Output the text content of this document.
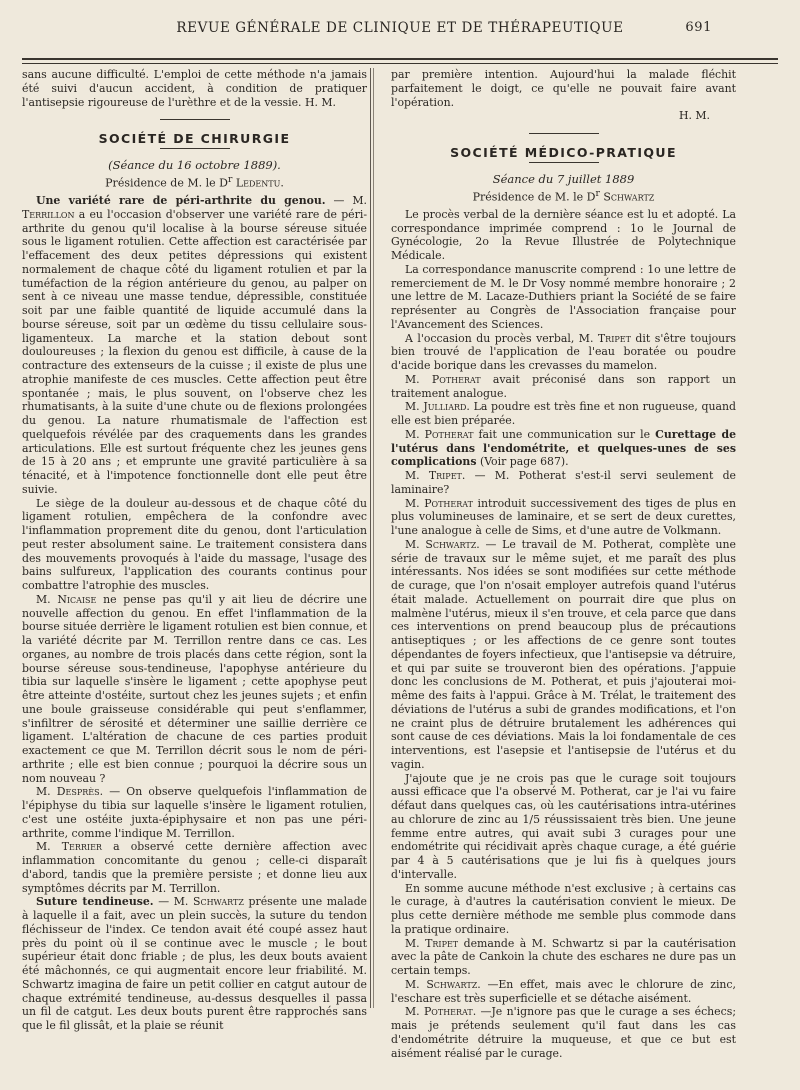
REVUE GÉNÉRALE DE CLINIQUE ET DE THÉRAPEUTIQUE	691

sans aucune difficulté. L'emploi de cette méthode n'a jamais été suivi d'aucun accident, à condition de pratiquer l'antisepsie rigoureuse de l'urèthre et de la vessie. H. M.

SOCIÉTÉ DE CHIRURGIE
(Séance du 16 octobre 1889).
Présidence de M. le $D^r$ Ledentu.

Une variété rare de péri-arthrite du genou. — M. Terrillon a eu l'occasion d'observer une variété rare de péri-arthrite du genou qu'il localise à la bourse séreuse située sous le ligament rotulien. Cette affection est caractérisée par l'effacement des deux petites dépressions qui existent normalement de chaque côté du ligament rotulien et par la tuméfaction de la région antérieure du genou, au palper on sent à ce niveau une masse tendue, dépressible, constituée soit par une faible quantité de liquide accumulé dans la bourse séreuse, soit par un œdème du tissu cellulaire sous-ligamenteux. La marche et la station debout sont douloureuses ; la flexion du genou est difficile, à cause de la contracture des extenseurs de la cuisse ; il existe de plus une atrophie manifeste de ces muscles. Cette affection peut être spontanée ; mais, le plus souvent, on l'observe chez les rhumatisants, à la suite d'une chute ou de flexions prolongées du genou. La nature rhumatismale de l'affection est quelquefois révélée par des craquements dans les grandes articulations. Elle est surtout fréquente chez les jeunes gens de 15 à 20 ans ; et emprunte une gravité particulière à sa ténacité, et à l'impotence fonctionnelle dont elle peut être suivie.

Le siège de la douleur au-dessous et de chaque côté du ligament rotulien, empêchera de la confondre avec l'inflammation proprement dite du genou, dont l'articulation peut rester absolument saine. Le traitement consistera dans des mouvements provoqués à l'aide du massage, l'usage des bains sulfureux, l'application des courants continus pour combattre l'atrophie des muscles.

M. Nicaise ne pense pas qu'il y ait lieu de décrire une nouvelle affection du genou. En effet l'inflammation de la bourse située derrière le ligament rotulien est bien connue, et la variété décrite par M. Terrillon rentre dans ce cas. Les organes, au nombre de trois placés dans cette région, sont la bourse séreuse sous-tendineuse, l'apophyse antérieure du tibia sur laquelle s'insère le ligament ; cette apophyse peut être atteinte d'ostéite, surtout chez les jeunes sujets ; et enfin une boule graisseuse considérable qui peut s'enflammer, s'infiltrer de sérosité et déterminer une saillie derrière ce ligament. L'altération de chacune de ces parties produit exactement ce que M. Terrillon décrit sous le nom de péri-arthrite ; elle est bien connue ; pourquoi la décrire sous un nom nouveau ?

M. Desprès. — On observe quelquefois l'inflammation de l'épiphyse du tibia sur laquelle s'insère le ligament rotulien, c'est une ostéite juxta-épiphysaire et non pas une péri-arthrite, comme l'indique M. Terrillon.

M. Terrier a observé cette dernière affection avec inflammation concomitante du genou ; celle-ci disparaît d'abord, tandis que la première persiste ; et donne lieu aux symptômes décrits par M. Terrillon.

Suture tendineuse. — M. Schwartz présente une malade à laquelle il a fait, avec un plein succès, la suture du tendon fléchisseur de l'index. Ce tendon avait été coupé assez haut près du point où il se continue avec le muscle ; le bout supérieur était donc friable ; de plus, les deux bouts avaient été mâchonnés, ce qui augmentait encore leur friabilité. M. Schwartz imagina de faire un petit collier en catgut autour de chaque extrémité tendineuse, au-dessus desquelles il passa un fil de catgut. Les deux bouts purent être rapprochés sans que le fil glissât, et la plaie se réunit

par première intention. Aujourd'hui la malade fléchit parfaitement le doigt, ce qu'elle ne pouvait faire avant l'opération.

H. M.

SOCIÉTÉ MÉDICO-PRATIQUE
Séance du 7 juillet 1889
Présidence de M. le $D^r$ Schwartz

Le procès verbal de la dernière séance est lu et adopté. La correspondance imprimée comprend : 1o le Journal de Gynécologie, 2o la Revue Illustrée de Polytechnique Médicale.

La correspondance manuscrite comprend : 1o une lettre de remerciement de M. le Dr Vosy nommé membre honoraire ; 2 une lettre de M. Lacaze-Duthiers priant la Société de se faire représenter au Congrès de l'Association française pour l'Avancement des Sciences.

A l'occasion du procès verbal, M. Tripet dit s'être toujours bien trouvé de l'application de l'eau boratée ou poudre d'acide borique dans les crevasses du mamelon.

M. Potherat avait préconisé dans son rapport un traitement analogue.

M. Julliard. La poudre est très fine et non rugueuse, quand elle est bien préparée.

M. Potherat fait une communication sur le Curettage de l'utérus dans l'endométrite, et quelques-unes de ses complications (Voir page 687).

M. Tripet. — M. Potherat s'est-il servi seulement de laminaire?

M. Potherat introduit successivement des tiges de plus en plus volumineuses de laminaire, et se sert de deux curettes, l'une analogue à celle de Sims, et d'une autre de Volkmann.

M. Schwartz. — Le travail de M. Potherat, complète une série de travaux sur le même sujet, et me paraît des plus intéressants. Nos idées se sont modifiées sur cette méthode de curage, que l'on n'osait employer autrefois quand l'utérus était malade. Actuellement on pourrait dire que plus on malmène l'utérus, mieux il s'en trouve, et cela parce que dans ces interventions on prend beaucoup plus de précautions antiseptiques ; or les affections de ce genre sont toutes dépendantes de foyers infectieux, que l'antisepsie va détruire, et qui par suite se trouveront bien des opérations. J'appuie donc les conclusions de M. Potherat, et puis j'ajouterai moi-même des faits à l'appui. Grâce à M. Trélat, le traitement des déviations de l'utérus a subi de grandes modifications, et l'on ne craint plus de détruire brutalement les adhérences qui sont cause de ces déviations. Mais la loi fondamentale de ces interventions, est l'asepsie et l'antisepsie de l'utérus et du vagin.

J'ajoute que je ne crois pas que le curage soit toujours aussi efficace que l'a observé M. Potherat, car je l'ai vu faire défaut dans quelques cas, où les cautérisations intra-utérines au chlorure de zinc au 1/5 réussissaient très bien. Une jeune femme entre autres, qui avait subi 3 curages pour une endométrite qui récidivait après chaque curage, a été guérie par 4 à 5 cautérisations que je lui fis à quelques jours d'intervalle.

En somme aucune méthode n'est exclusive ; à certains cas le curage, à d'autres la cautérisation convient le mieux. De plus cette dernière méthode me semble plus commode dans la pratique ordinaire.

M. Tripet demande à M. Schwartz si par la cautérisation avec la pâte de Cankoin la chute des eschares ne dure pas un certain temps.

M. Schwartz. —En effet, mais avec le chlorure de zinc, l'eschare est très superficielle et se détache aisément.

M. Potherat. —Je n'ignore pas que le curage a ses échecs; mais je prétends seulement qu'il faut dans les cas d'endométrite détruire la muqueuse, et que ce but est aisément réalisé par le curage.
